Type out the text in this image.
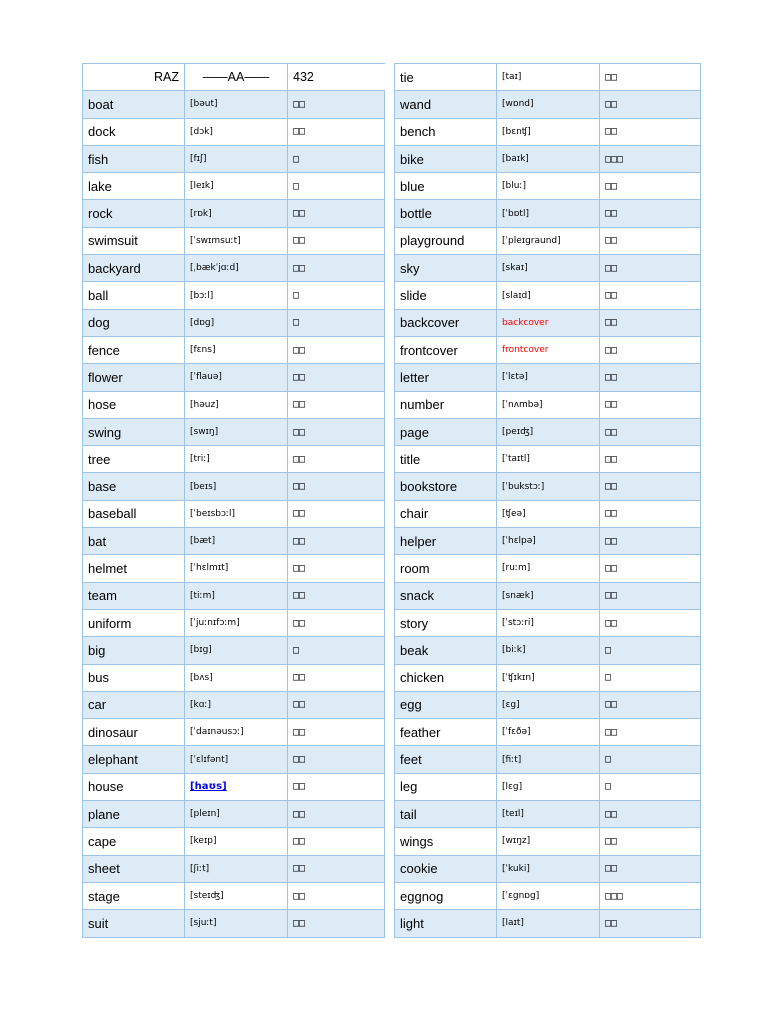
RAZ	——AA——	432
boat	[bəut]	□□
dock	[dɔk]	□□
fish	[fɪʃ]	□
lake	[leɪk]	□
rock	[rɒk]	□□
swimsuit	[ˈswɪmsuːt]	□□
backyard	[ˌbækˈjɑːd]	□□
ball	[bɔːl]	□
dog	[dɒg]	□
fence	[fɛns]	□□
flower	[ˈflauə]	□□
hose	[həuz]	□□
swing	[swɪŋ]	□□
tree	[triː]	□□
base	[beɪs]	□□
baseball	[ˈbeɪsbɔːl]	□□
bat	[bæt]	□□
helmet	[ˈhɛlmɪt]	□□
team	[tiːm]	□□
uniform	[ˈjuːnɪfɔːm]	□□
big	[bɪg]	□
bus	[bʌs]	□□
car	[kɑː]	□□
dinosaur	[ˈdaɪnəusɔː]	□□
elephant	[ˈɛlɪfənt]	□□
house	[haʊs]	□□
plane	[pleɪn]	□□
cape	[keɪp]	□□
sheet	[ʃiːt]	□□
stage	[steɪʤ]	□□
suit	[sjuːt]	□□
tie	[taɪ]	□□
wand	[wɒnd]	□□
bench	[bɛnʧ]	□□
bike	[baɪk]	□□□
blue	[bluː]	□□
bottle	[ˈbɒtl]	□□
playground	[ˈpleɪgraund]	□□
sky	[skaɪ]	□□
slide	[slaɪd]	□□
backcover	backcover	□□
frontcover	frontcover	□□
letter	[ˈlɛtə]	□□
number	[ˈnʌmbə]	□□
page	[peɪʤ]	□□
title	[ˈtaɪtl]	□□
bookstore	[ˈbukstɔː]	□□
chair	[ʧeə]	□□
helper	[ˈhɛlpə]	□□
room	[ruːm]	□□
snack	[snæk]	□□
story	[ˈstɔːri]	□□
beak	[biːk]	□
chicken	[ˈʧɪkɪn]	□
egg	[ɛg]	□□
feather	[ˈfɛðə]	□□
feet	[fiːt]	□
leg	[lɛg]	□
tail	[teɪl]	□□
wings	[wɪŋz]	□□
cookie	[ˈkuki]	□□
eggnog	[ˈɛgnɒg]	□□□
light	[laɪt]	□□
